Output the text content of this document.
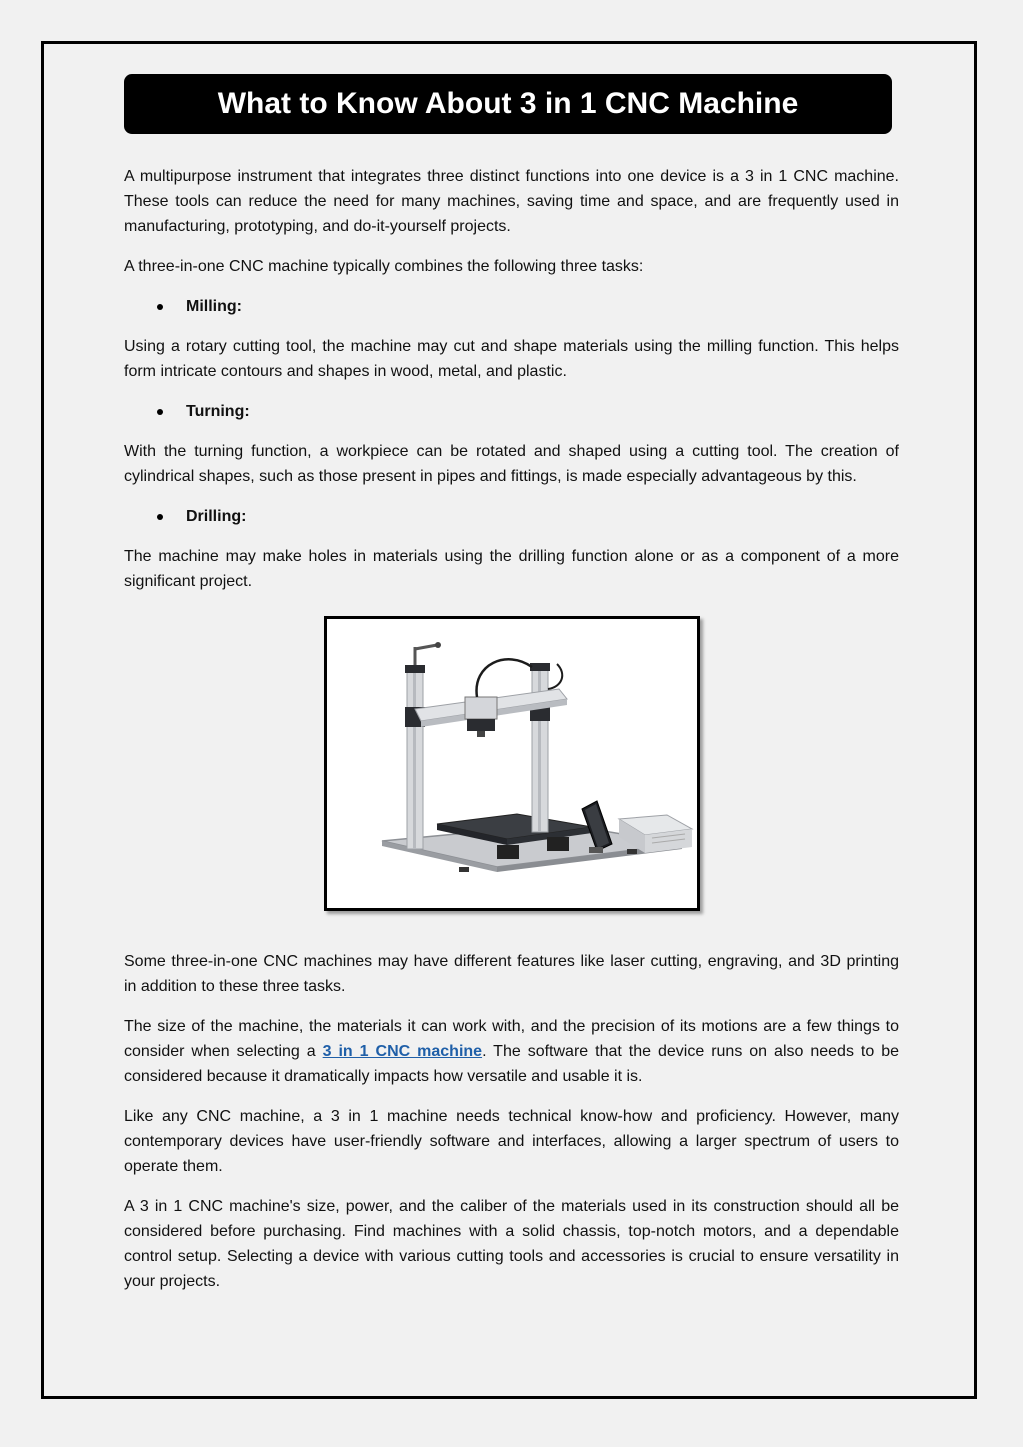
What to Know About 3 in 1 CNC Machine

A multipurpose instrument that integrates three distinct functions into one device is a 3 in 1 CNC machine. These tools can reduce the need for many machines, saving time and space, and are frequently used in manufacturing, prototyping, and do-it-yourself projects.

A three-in-one CNC machine typically combines the following three tasks:

Milling:

Using a rotary cutting tool, the machine may cut and shape materials using the milling function. This helps form intricate contours and shapes in wood, metal, and plastic.

Turning:

With the turning function, a workpiece can be rotated and shaped using a cutting tool. The creation of cylindrical shapes, such as those present in pipes and fittings, is made especially advantageous by this.

Drilling:

The machine may make holes in materials using the drilling function alone or as a component of a more significant project.

Some three-in-one CNC machines may have different features like laser cutting, engraving, and 3D printing in addition to these three tasks.

The size of the machine, the materials it can work with, and the precision of its motions are a few things to consider when selecting a 3 in 1 CNC machine. The software that the device runs on also needs to be considered because it dramatically impacts how versatile and usable it is.

Like any CNC machine, a 3 in 1 machine needs technical know-how and proficiency. However, many contemporary devices have user-friendly software and interfaces, allowing a larger spectrum of users to operate them.

A 3 in 1 CNC machine's size, power, and the caliber of the materials used in its construction should all be considered before purchasing. Find machines with a solid chassis, top-notch motors, and a dependable control setup. Selecting a device with various cutting tools and accessories is crucial to ensure versatility in your projects.
